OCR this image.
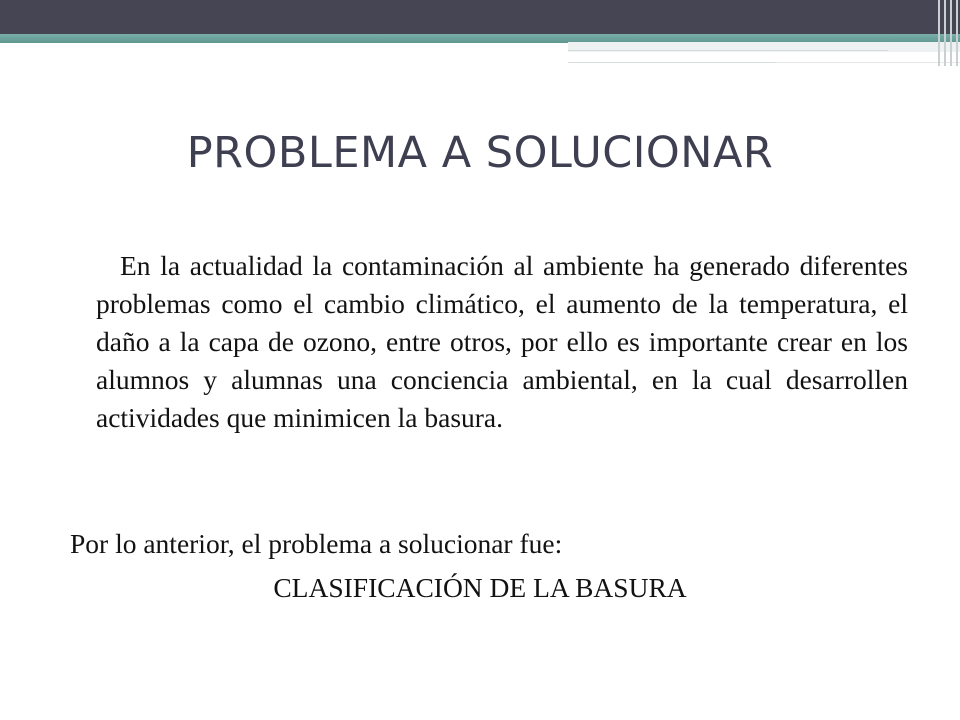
PROBLEMA A SOLUCIONAR
En la actualidad la contaminación al ambiente ha generado diferentes problemas como el cambio climático, el aumento de la temperatura, el daño a la capa de ozono, entre otros, por ello es importante crear en los alumnos y alumnas una conciencia ambiental, en la cual desarrollen actividades que minimicen la basura.
Por lo anterior, el problema a solucionar fue:
CLASIFICACIÓN DE LA BASURA
